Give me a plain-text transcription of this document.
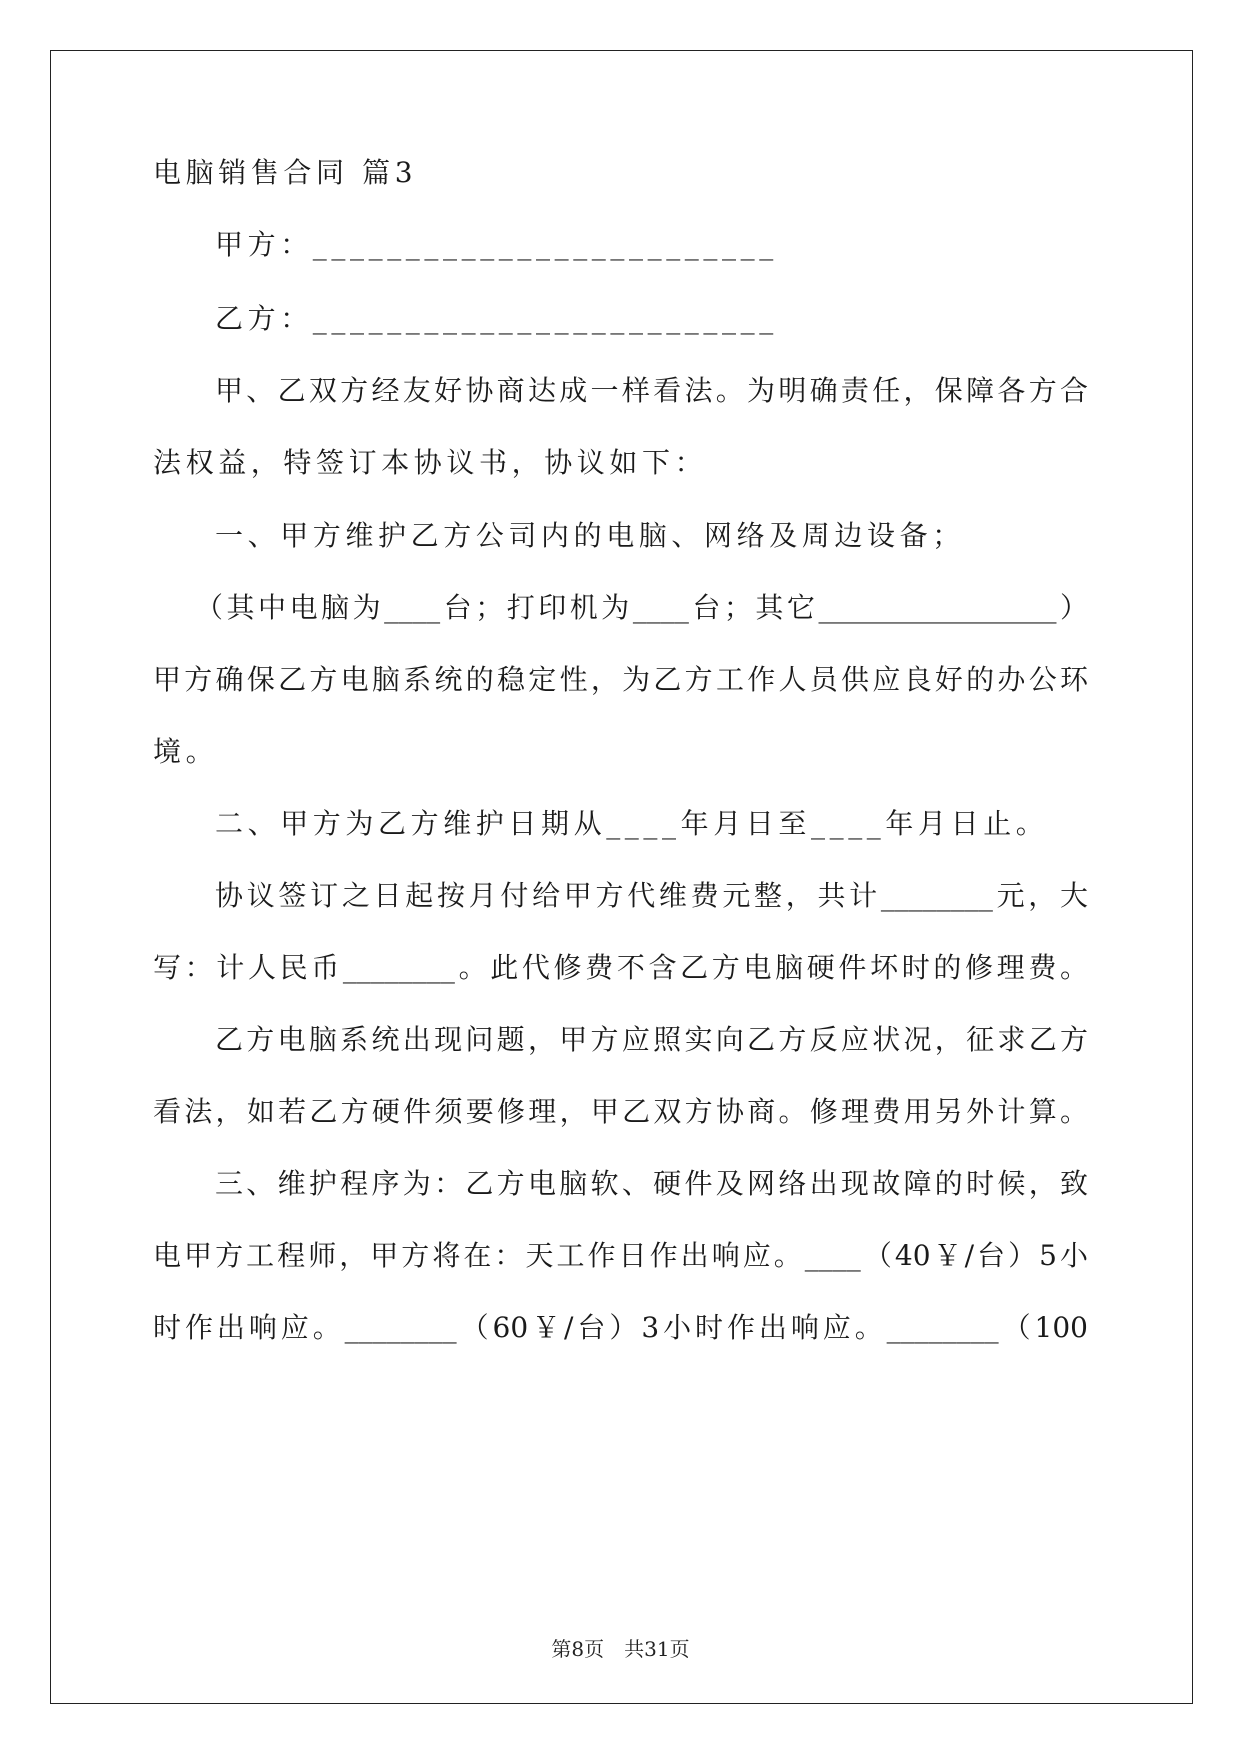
电脑销售合同 篇3
甲方：_________________________
乙方：_________________________
甲、乙双方经友好协商达成一样看法。为明确责任，保障各方合
法权益，特签订本协议书，协议如下：
一、甲方维护乙方公司内的电脑、网络及周边设备；
（其中电脑为____台；打印机为____台；其它_________________）
甲方确保乙方电脑系统的稳定性，为乙方工作人员供应良好的办公环
境。
二、甲方为乙方维护日期从____年月日至____年月日止。
协议签订之日起按月付给甲方代维费元整，共计________元，大
写：计人民币________。此代修费不含乙方电脑硬件坏时的修理费。
乙方电脑系统出现问题，甲方应照实向乙方反应状况，征求乙方
看法，如若乙方硬件须要修理，甲乙双方协商。修理费用另外计算。
三、维护程序为：乙方电脑软、硬件及网络出现故障的时候，致
电甲方工程师，甲方将在：天工作日作出响应。____（40￥/台）5小
时作出响应。________（60￥/台）3小时作出响应。________（100
第8页　共31页
